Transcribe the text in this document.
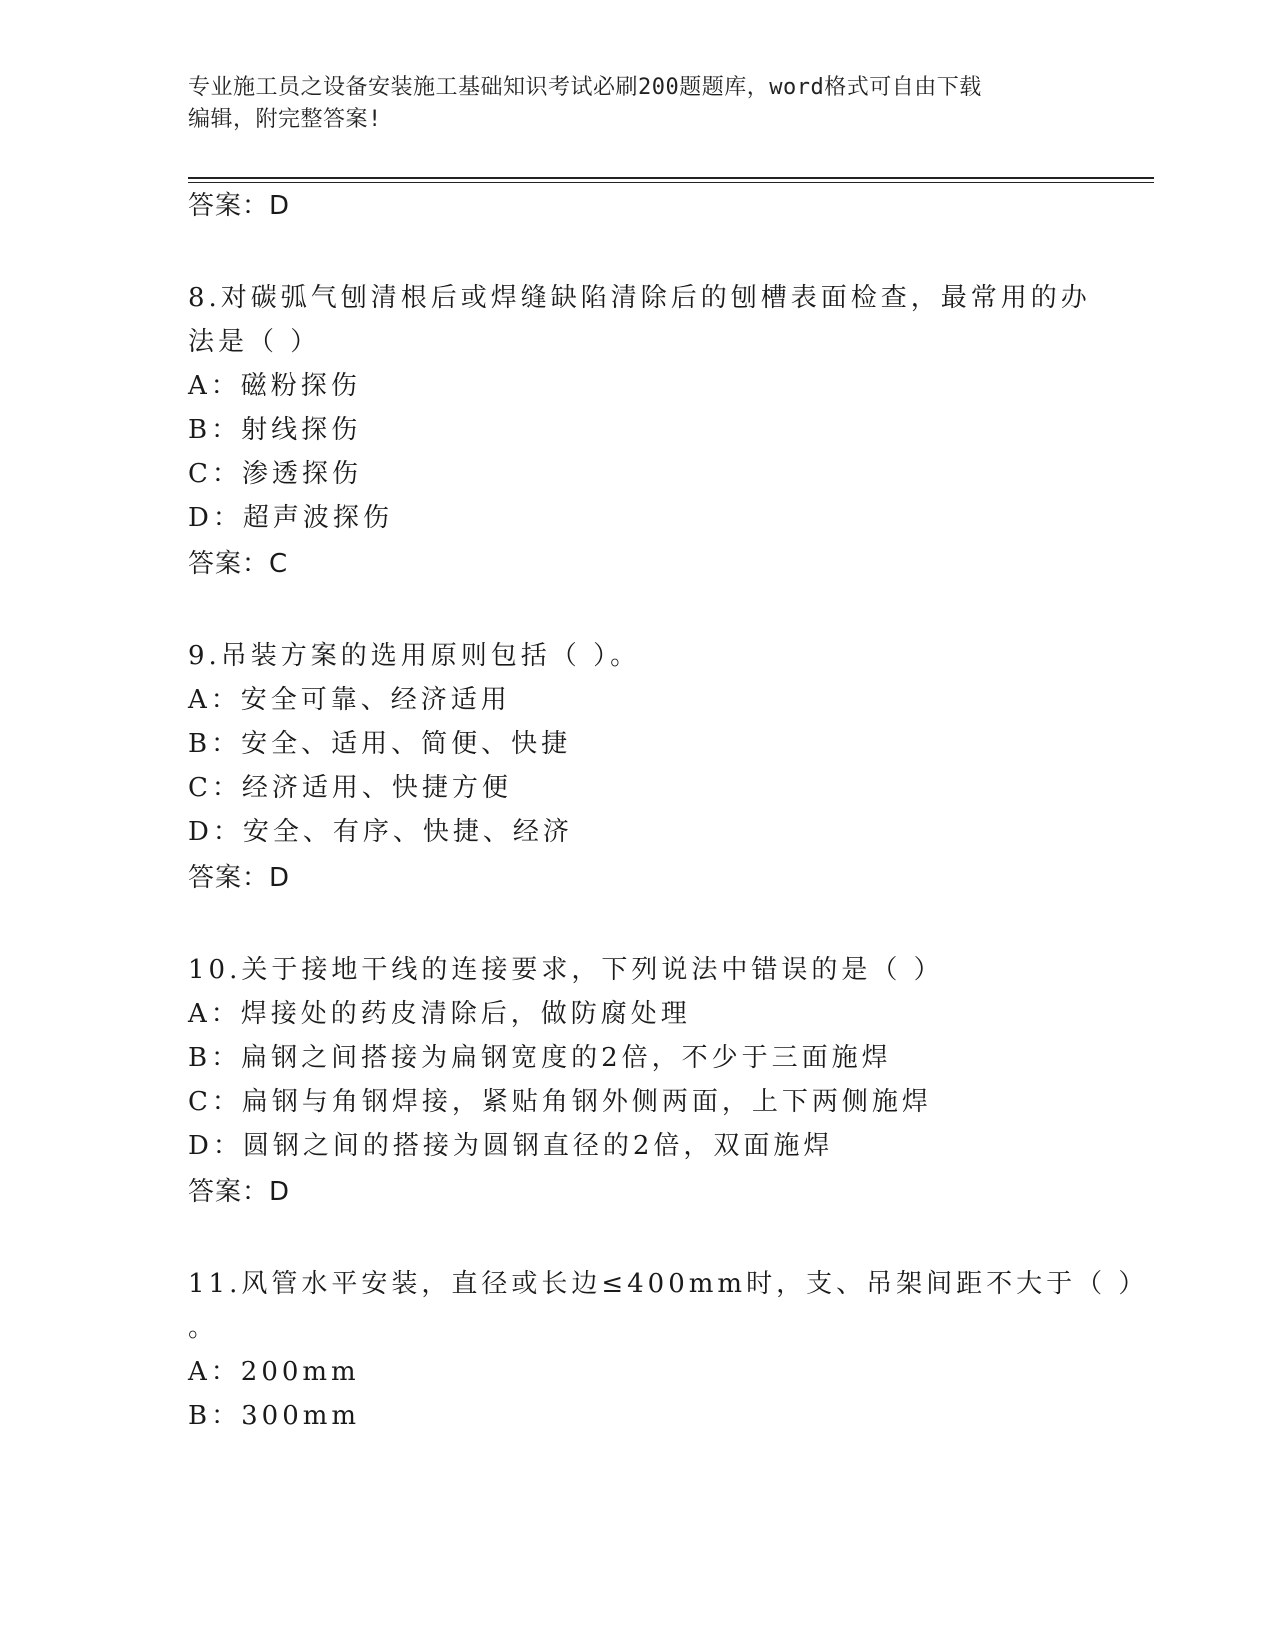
专业施工员之设备安装施工基础知识考试必刷200题题库，word格式可自由下载
编辑，附完整答案!
答案：D
8.对碳弧气刨清根后或焊缝缺陷清除后的刨槽表面检查，最常用的办
法是（ ）
A：磁粉探伤
B：射线探伤
C：渗透探伤
D：超声波探伤
答案：C
9.吊装方案的选用原则包括（ ）。
A：安全可靠、经济适用
B：安全、适用、简便、快捷
C：经济适用、快捷方便
D：安全、有序、快捷、经济
答案：D
10.关于接地干线的连接要求，下列说法中错误的是（ ）
A：焊接处的药皮清除后，做防腐处理
B：扁钢之间搭接为扁钢宽度的2倍，不少于三面施焊
C：扁钢与角钢焊接，紧贴角钢外侧两面，上下两侧施焊
D：圆钢之间的搭接为圆钢直径的2倍，双面施焊
答案：D
11.风管水平安装，直径或长边≤400mm时，支、吊架间距不大于（ ）
。
A：200mm
B：300mm
